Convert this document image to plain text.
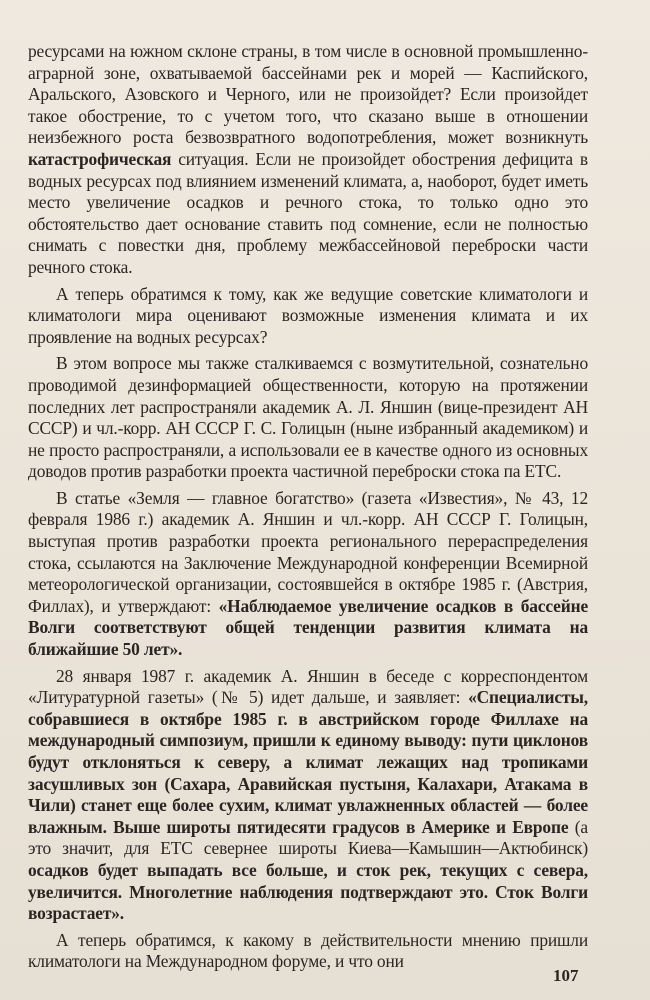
ресурсами на южном склоне страны, в том числе в основной промышленно-аграрной зоне, охватываемой бассейнами рек и морей — Каспийского, Аральского, Азовского и Черного, или не произойдет? Если произойдет такое обострение, то с учетом того, что сказано выше в отношении неизбежного роста безвозвратного водопотребления, может возникнуть катастрофическая ситуация. Если не произойдет обострения дефицита в водных ресурсах под влиянием изменений климата, а, наоборот, будет иметь место увеличение осадков и речного стока, то только одно это обстоятельство дает основание ставить под сомнение, если не полностью снимать с повестки дня, проблему межбассейновой переброски части речного стока.

А теперь обратимся к тому, как же ведущие советские климатологи и климатологи мира оценивают возможные изменения климата и их проявление на водных ресурсах?

В этом вопросе мы также сталкиваемся с возмутительной, сознательно проводимой дезинформацией общественности, которую на протяжении последних лет распространяли академик А. Л. Яншин (вице-президент АН СССР) и чл.-корр. АН СССР Г. С. Голицын (ныне избранный академиком) и не просто распространяли, а использовали ее в качестве одного из основных доводов против разработки проекта частичной переброски стока па ЕТС.

В статье «Земля — главное богатство» (газета «Известия», № 43, 12 февраля 1986 г.) академик А. Яншин и чл.-корр. АН СССР Г. Голицын, выступая против разработки проекта регионального перераспределения стока, ссылаются на Заключение Международной конференции Всемирной метеорологической организации, состоявшейся в октябре 1985 г. (Австрия, Филлах), и утверждают: «Наблюдаемое увеличение осадков в бассейне Волги соответствуют общей тенденции развития климата на ближайшие 50 лет».

28 января 1987 г. академик А. Яншин в беседе с корреспондентом «Литуратурной газеты» (№ 5) идет дальше, и заявляет: «Специалисты, собравшиеся в октябре 1985 г. в австрийском городе Филлахе на международный симпозиум, пришли к единому выводу: пути циклонов будут отклоняться к северу, а климат лежащих над тропиками засушливых зон (Сахара, Аравийская пустыня, Калахари, Атакама в Чили) станет еще более сухим, климат увлажненных областей — более влажным. Выше широты пятидесяти градусов в Америке и Европе (а это значит, для ЕТС севернее широты Киева—Камышин—Актюбинск) осадков будет выпадать все больше, и сток рек, текущих с севера, увеличится. Многолетние наблюдения подтверждают это. Сток Волги возрастает».

А теперь обратимся, к какому в действительности мнению пришли климатологи на Международном форуме, и что они

107
